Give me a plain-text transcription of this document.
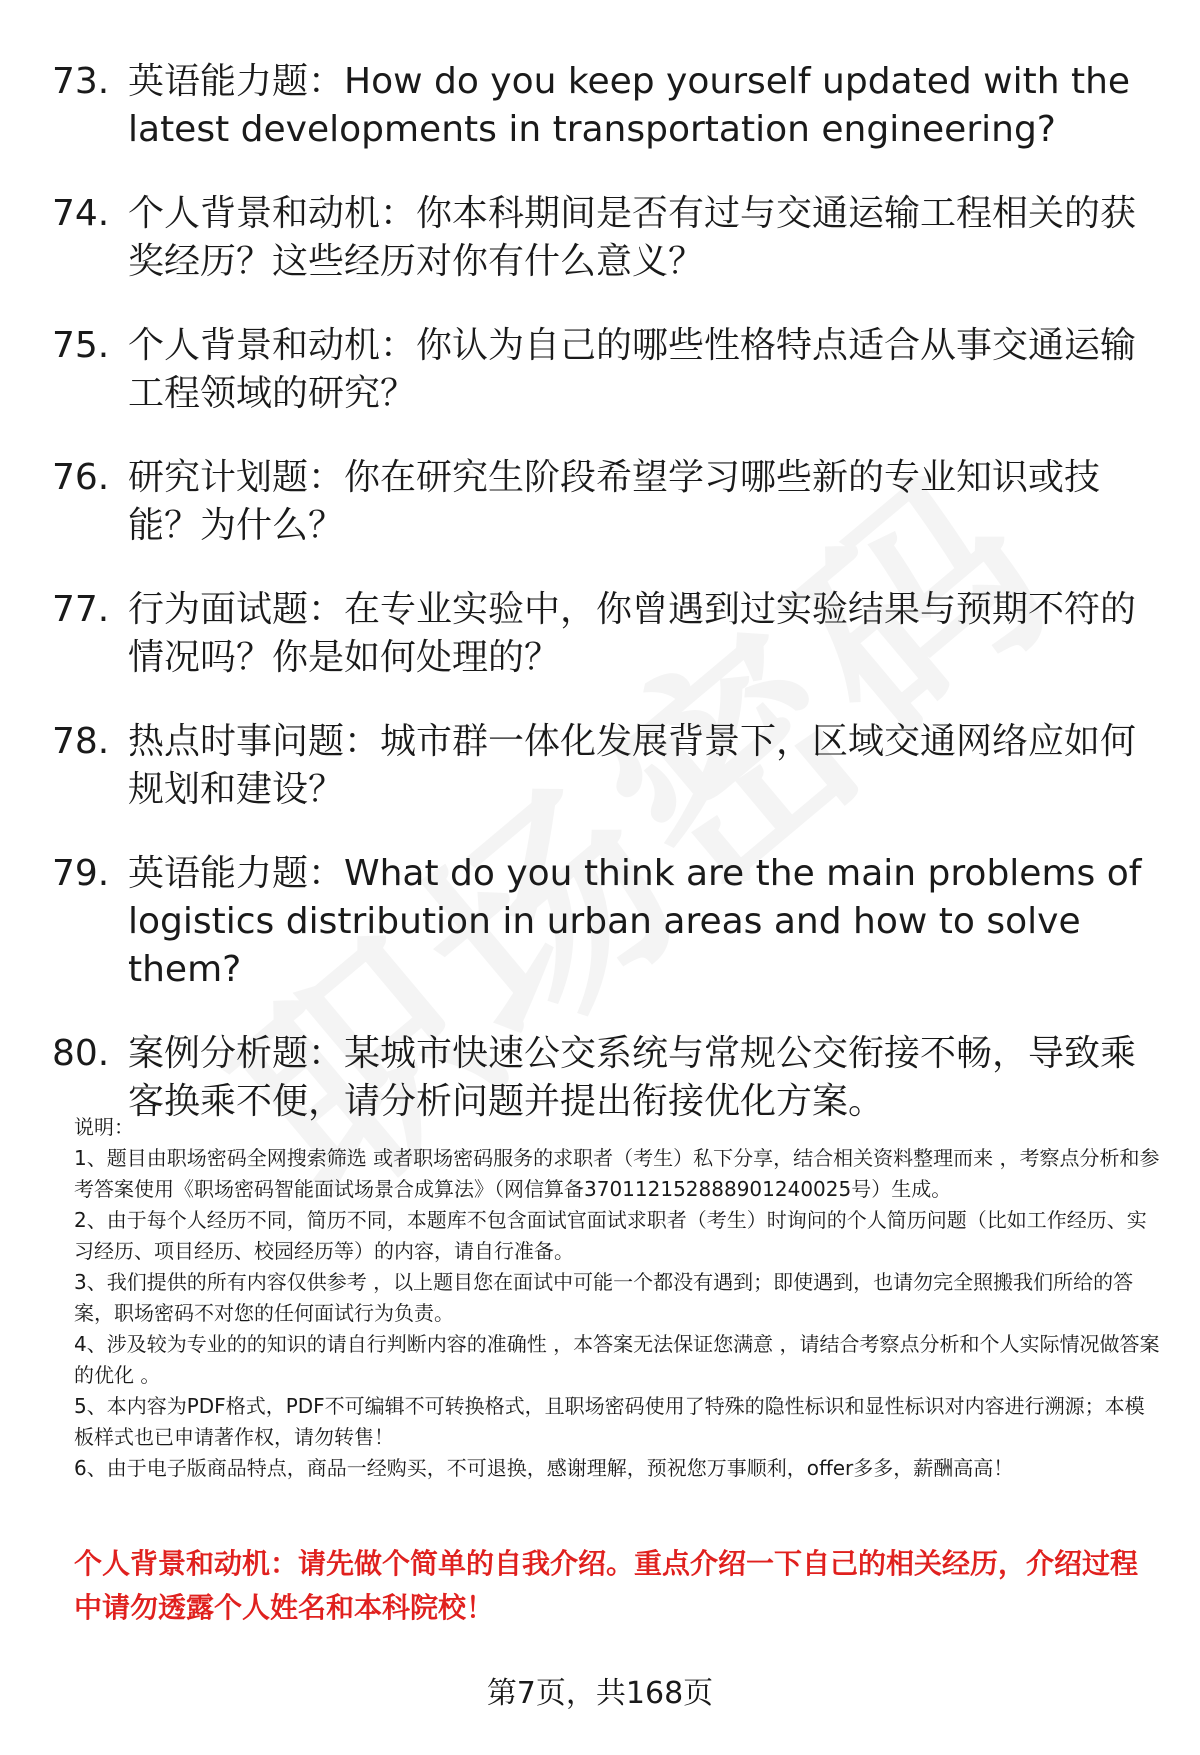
73. 英语能力题：How do you keep yourself updated with the latest developments in transportation engineering?
74. 个人背景和动机：你本科期间是否有过与交通运输工程相关的获奖经历？这些经历对你有什么意义？
75. 个人背景和动机：你认为自己的哪些性格特点适合从事交通运输工程领域的研究？
76. 研究计划题：你在研究生阶段希望学习哪些新的专业知识或技能？为什么？
77. 行为面试题：在专业实验中，你曾遇到过实验结果与预期不符的情况吗？你是如何处理的？
78. 热点时事问题：城市群一体化发展背景下，区域交通网络应如何规划和建设？
79. 英语能力题：What do you think are the main problems of logistics distribution in urban areas and how to solve them?
80. 案例分析题：某城市快速公交系统与常规公交衔接不畅，导致乘客换乘不便，请分析问题并提出衔接优化方案。

说明：

1、题目由职场密码全网搜索筛选 或者职场密码服务的求职者（考生）私下分享，结合相关资料整理而来 ，考察点分析和参考答案使用《职场密码智能面试场景合成算法》（网信算备370112152888901240025号）生成。

2、由于每个人经历不同，简历不同，本题库不包含面试官面试求职者（考生）时询问的个人简历问题（比如工作经历、实习经历、项目经历、校园经历等）的内容，请自行准备。

3、我们提供的所有内容仅供参考 ，以上题目您在面试中可能一个都没有遇到；即使遇到，也请勿完全照搬我们所给的答案，职场密码不对您的任何面试行为负责。

4、涉及较为专业的的知识的请自行判断内容的准确性 ，本答案无法保证您满意 ，请结合考察点分析和个人实际情况做答案的优化 。

5、本内容为PDF格式，PDF不可编辑不可转换格式，且职场密码使用了特殊的隐性标识和显性标识对内容进行溯源；本模板样式也已申请著作权，请勿转售！

6、由于电子版商品特点，商品一经购买，不可退换，感谢理解，预祝您万事顺利，offer多多，薪酬高高！

个人背景和动机：请先做个简单的自我介绍。重点介绍一下自己的相关经历，介绍过程中请勿透露个人姓名和本科院校！
第7页，共168页
